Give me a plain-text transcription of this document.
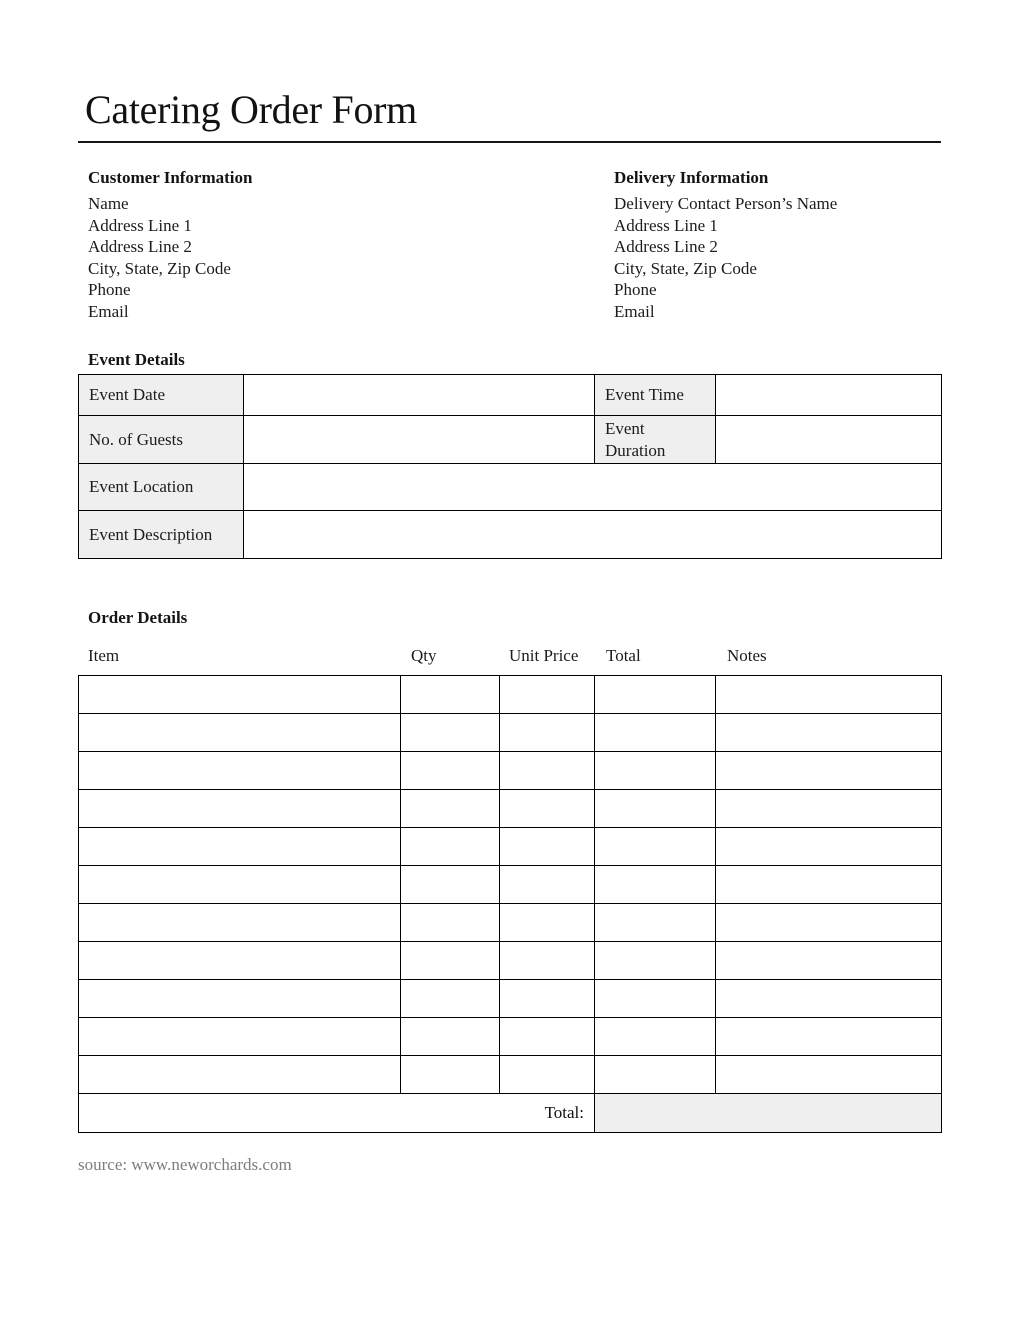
Catering Order Form
Customer Information
Name
Address Line 1
Address Line 2
City, State, Zip Code
Phone
Email
Delivery Information
Delivery Contact Person’s Name
Address Line 1
Address Line 2
City, State, Zip Code
Phone
Email
Event Details
Event Date		Event Time	
No. of Guests		Event Duration	
Event Location			
Event Description			
Order Details
Item	Qty	Unit Price	Total	Notes

Total:				
source: www.neworchards.com
